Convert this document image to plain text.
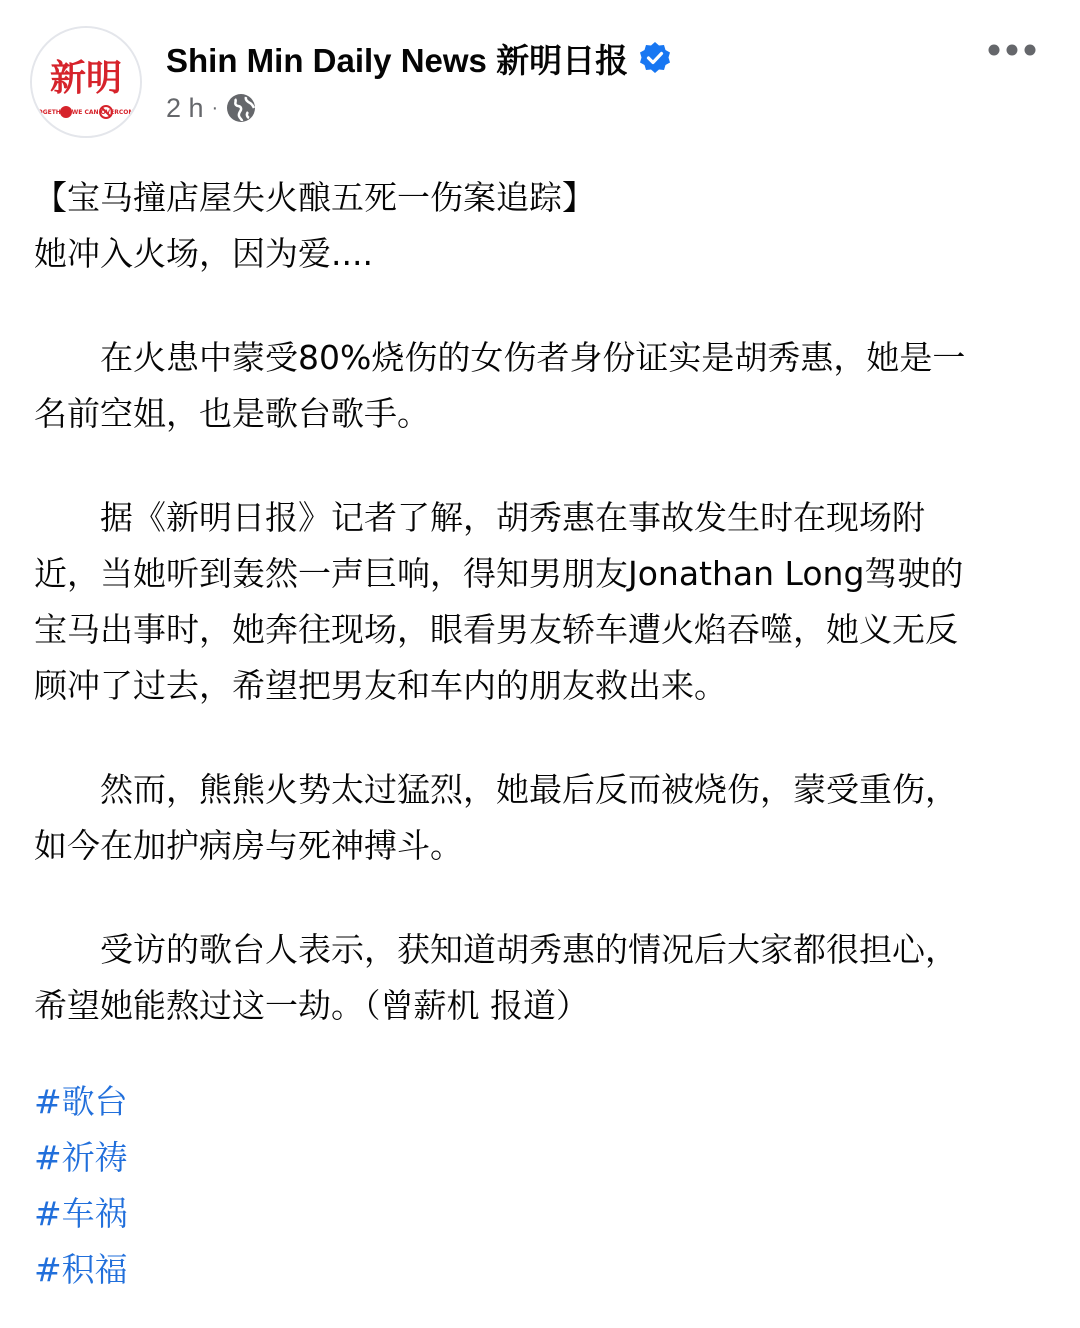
新明
TOGETHER WE CAN OVERCOME
Shin Min Daily News 新明日报
2 h ·
【宝马撞店屋失火酿五死一伤案追踪】
她冲入火场，因为爱....
在火患中蒙受80%烧伤的女伤者身份证实是胡秀惠，她是一
名前空姐，也是歌台歌手。
据《新明日报》记者了解，胡秀惠在事故发生时在现场附
近，当她听到轰然一声巨响，得知男朋友Jonathan Long驾驶的
宝马出事时，她奔往现场，眼看男友轿车遭火焰吞噬，她义无反
顾冲了过去，希望把男友和车内的朋友救出来。
然而，熊熊火势太过猛烈，她最后反而被烧伤，蒙受重伤，
如今在加护病房与死神搏斗。
受访的歌台人表示，获知道胡秀惠的情况后大家都很担心，
希望她能熬过这一劫。（曾薪机 报道）
#歌台
#祈祷
#车祸
#积福
